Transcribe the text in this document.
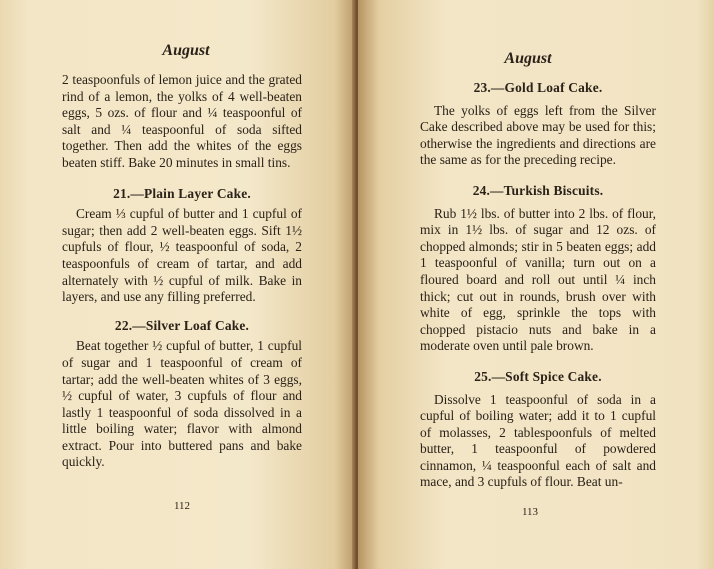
August

2 teaspoonfuls of lemon juice and the grated rind of a lemon, the yolks of 4 well-beaten eggs, 5 ozs. of flour and ¼ teaspoonful of salt and ¼ teaspoonful of soda sifted together. Then add the whites of the eggs beaten stiff. Bake 20 minutes in small tins.

21.—Plain Layer Cake.

Cream ⅓ cupful of butter and 1 cupful of sugar; then add 2 well-beaten eggs. Sift 1½ cupfuls of flour, ½ teaspoonful of soda, 2 teaspoonfuls of cream of tartar, and add alternately with ½ cupful of milk. Bake in layers, and use any filling preferred.

22.—Silver Loaf Cake.

Beat together ½ cupful of butter, 1 cupful of sugar and 1 teaspoonful of cream of tartar; add the well-beaten whites of 3 eggs, ½ cupful of water, 3 cupfuls of flour and lastly 1 teaspoonful of soda dissolved in a little boiling water; flavor with almond extract. Pour into buttered pans and bake quickly.

112
August
23.—Gold Loaf Cake.

The yolks of eggs left from the Silver Cake described above may be used for this; otherwise the ingredients and directions are the same as for the preceding recipe.

24.—Turkish Biscuits.

Rub 1½ lbs. of butter into 2 lbs. of flour, mix in 1½ lbs. of sugar and 12 ozs. of chopped almonds; stir in 5 beaten eggs; add 1 teaspoonful of vanilla; turn out on a floured board and roll out until ¼ inch thick; cut out in rounds, brush over with white of egg, sprinkle the tops with chopped pistacio nuts and bake in a moderate oven until pale brown.

25.—Soft Spice Cake.

Dissolve 1 teaspoonful of soda in a cupful of boiling water; add it to 1 cupful of molasses, 2 tablespoonfuls of melted butter, 1 teaspoonful of powdered cinnamon, ¼ teaspoonful each of salt and mace, and 3 cupfuls of flour. Beat un-

113
